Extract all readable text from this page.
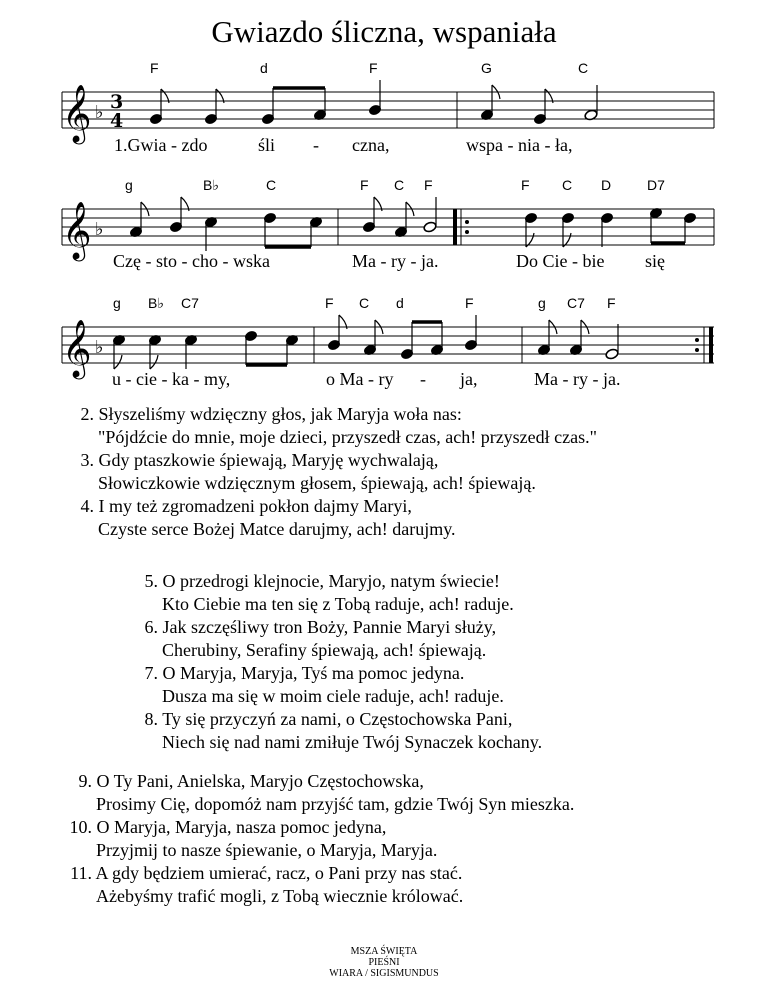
Gwiazdo śliczna, wspaniała
F	d	F	G	C
𝄞 ♭ 3
4
1.Gwia - zdo	śli - czna,	wspa - nia - ła,
g	B♭	C	F C F	F C D	D7
𝄞 ♭
Czę - sto - cho - wska	Ma - ry - ja.	Do Cie - bie się
g B♭ C7	F C d	F	g C7 F
𝄞 ♭
u - cie - ka - my,	o Ma - ry - ja,	Ma - ry - ja.
2. Słyszeliśmy wdzięczny głos, jak Maryja woła nas:
"Pójdźcie do mnie, moje dzieci, przyszedł czas, ach! przyszedł czas."
3. Gdy ptaszkowie śpiewają, Maryję wychwalają,
Słowiczkowie wdzięcznym głosem, śpiewają, ach! śpiewają.
4. I my też zgromadzeni pokłon dajmy Maryi,
Czyste serce Bożej Matce darujmy, ach! darujmy.
5. O przedrogi klejnocie, Maryjo, natym świecie!
Kto Ciebie ma ten się z Tobą raduje, ach! raduje.
6. Jak szczęśliwy tron Boży, Pannie Maryi służy,
Cherubiny, Serafiny śpiewają, ach! śpiewają.
7. O Maryja, Maryja, Tyś ma pomoc jedyna.
Dusza ma się w moim ciele raduje, ach! raduje.
8. Ty się przyczyń za nami, o Częstochowska Pani,
Niech się nad nami zmiłuje Twój Synaczek kochany.
9. O Ty Pani, Anielska, Maryjo Częstochowska,
Prosimy Cię, dopomóż nam przyjść tam, gdzie Twój Syn mieszka.
10. O Maryja, Maryja, nasza pomoc jedyna,
Przyjmij to nasze śpiewanie, o Maryja, Maryja.
11. A gdy będziem umierać, racz, o Pani przy nas stać.
Ażebyśmy trafić mogli, z Tobą wiecznie królować.
MSZA ŚWIĘTA
PIEŚNI
WIARA / SIGISMUNDUS
